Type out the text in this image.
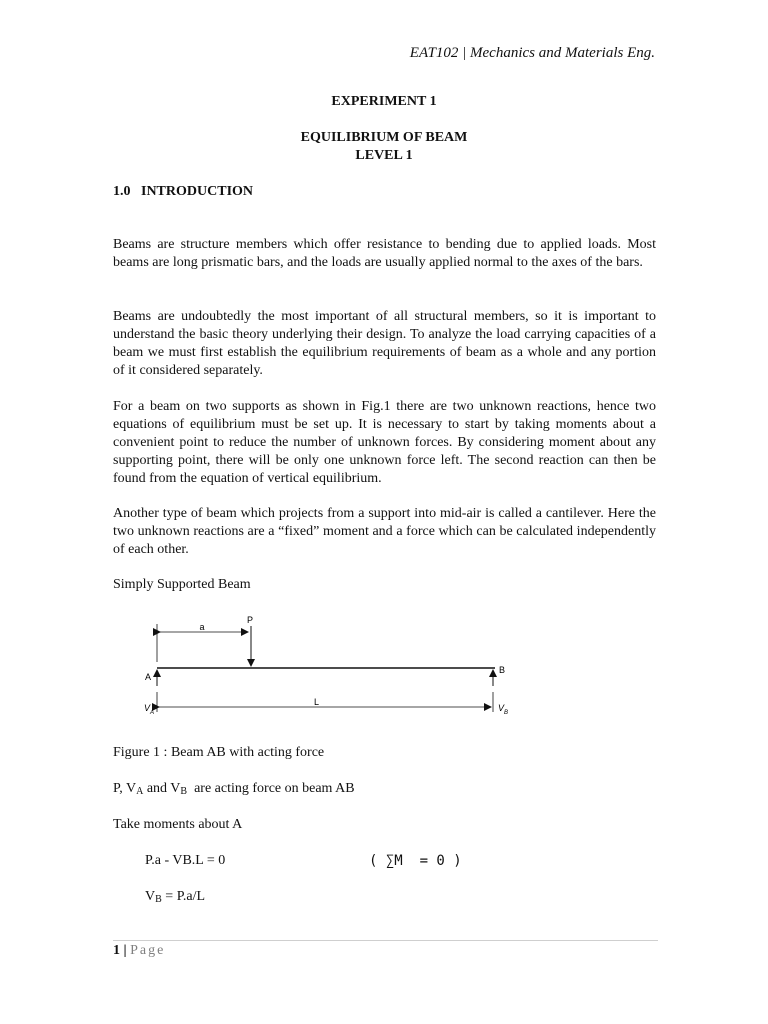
EAT102 | Mechanics and Materials Eng.
EXPERIMENT 1
EQUILIBRIUM OF BEAM
LEVEL 1
1.0   INTRODUCTION
Beams are structure members which offer resistance to bending due to applied loads. Most beams are long prismatic bars, and the loads are usually applied normal to the axes of the bars.
Beams are undoubtedly the most important of all structural members, so it is important to understand the basic theory underlying their design. To analyze the load carrying capacities of a beam we must first establish the equilibrium requirements of beam as a whole and any portion of it considered separately.
For a beam on two supports as shown in Fig.1 there are two unknown reactions, hence two equations of equilibrium must be set up. It is necessary to start by taking moments about a convenient point to reduce the number of unknown forces. By considering moment about any supporting point, there will be only one unknown force left. The second reaction can then be found from the equation of vertical equilibrium.
Another type of beam which projects from a support into mid-air is called a cantilever. Here the two unknown reactions are a “fixed” moment and a force which can be calculated independently of each other.
Simply Supported Beam
a
P
A
B
L
$V_A$	$V_B$
Figure 1 : Beam AB with acting force
P, $V_A$ and $V_B$  are acting force on beam AB
Take moments about A
P.a - VB.L = 0	( ∑M  = 0 )
$V_B = P.a/L$
1 | Page
